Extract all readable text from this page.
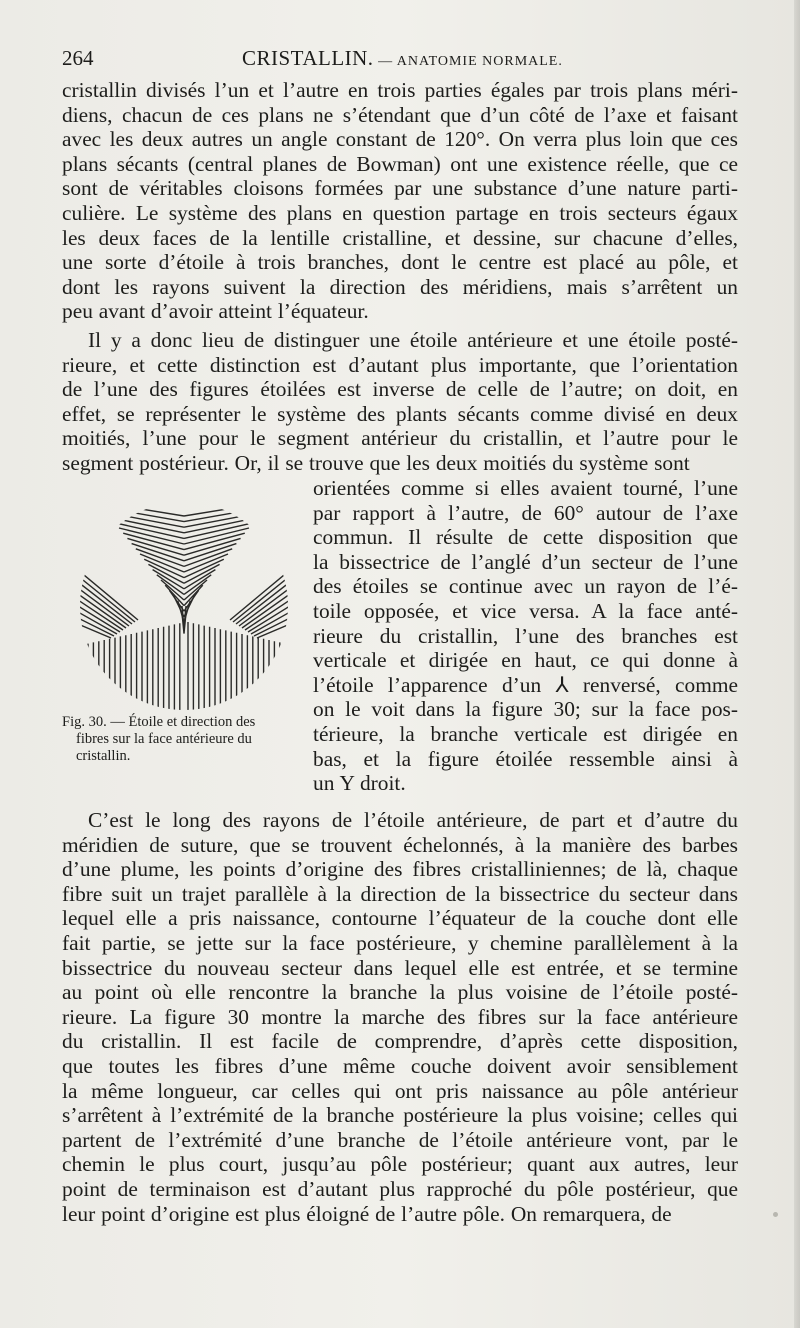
264	CRISTALLIN. — ANATOMIE NORMALE.
cristallin divisés l’un et l’autre en trois parties égales par trois plans méri-
diens, chacun de ces plans ne s’étendant que d’un côté de l’axe et faisant
avec les deux autres un angle constant de 120°. On verra plus loin que ces
plans sécants (central planes de Bowman) ont une existence réelle, que ce
sont de véritables cloisons formées par une substance d’une nature parti-
culière. Le système des plans en question partage en trois secteurs égaux
les deux faces de la lentille cristalline, et dessine, sur chacune d’elles,
une sorte d’étoile à trois branches, dont le centre est placé au pôle, et
dont les rayons suivent la direction des méridiens, mais s’arrêtent un
peu avant d’avoir atteint l’équateur.
Il y a donc lieu de distinguer une étoile antérieure et une étoile posté-
rieure, et cette distinction est d’autant plus importante, que l’orientation
de l’une des figures étoilées est inverse de celle de l’autre; on doit, en
effet, se représenter le système des plants sécants comme divisé en deux
moitiés, l’une pour le segment antérieur du cristallin, et l’autre pour le
segment postérieur. Or, il se trouve que les deux moitiés du système sont
orientées comme si elles avaient tourné, l’une
par rapport à l’autre, de 60° autour de l’axe
commun. Il résulte de cette disposition que
la bissectrice de l’anglé d’un secteur de l’une
des étoiles se continue avec un rayon de l’é-
toile opposée, et vice versa. A la face anté-
rieure du cristallin, l’une des branches est
verticale et dirigée en haut, ce qui donne à
l’étoile l’apparence d’un ⅄ renversé, comme
on le voit dans la figure 30; sur la face pos-
térieure, la branche verticale est dirigée en
bas, et la figure étoilée ressemble ainsi à
un Y droit.
Fig. 30. — Étoile et direction des
fibres sur la face antérieure du
cristallin.
C’est le long des rayons de l’étoile antérieure, de part et d’autre du
méridien de suture, que se trouvent échelonnés, à la manière des barbes
d’une plume, les points d’origine des fibres cristalliniennes; de là, chaque
fibre suit un trajet parallèle à la direction de la bissectrice du secteur dans
lequel elle a pris naissance, contourne l’équateur de la couche dont elle
fait partie, se jette sur la face postérieure, y chemine parallèlement à la
bissectrice du nouveau secteur dans lequel elle est entrée, et se termine
au point où elle rencontre la branche la plus voisine de l’étoile posté-
rieure. La figure 30 montre la marche des fibres sur la face antérieure
du cristallin. Il est facile de comprendre, d’après cette disposition,
que toutes les fibres d’une même couche doivent avoir sensiblement
la même longueur, car celles qui ont pris naissance au pôle antérieur
s’arrêtent à l’extrémité de la branche postérieure la plus voisine; celles qui
partent de l’extrémité d’une branche de l’étoile antérieure vont, par le
chemin le plus court, jusqu’au pôle postérieur; quant aux autres, leur
point de terminaison est d’autant plus rapproché du pôle postérieur, que
leur point d’origine est plus éloigné de l’autre pôle. On remarquera, de
